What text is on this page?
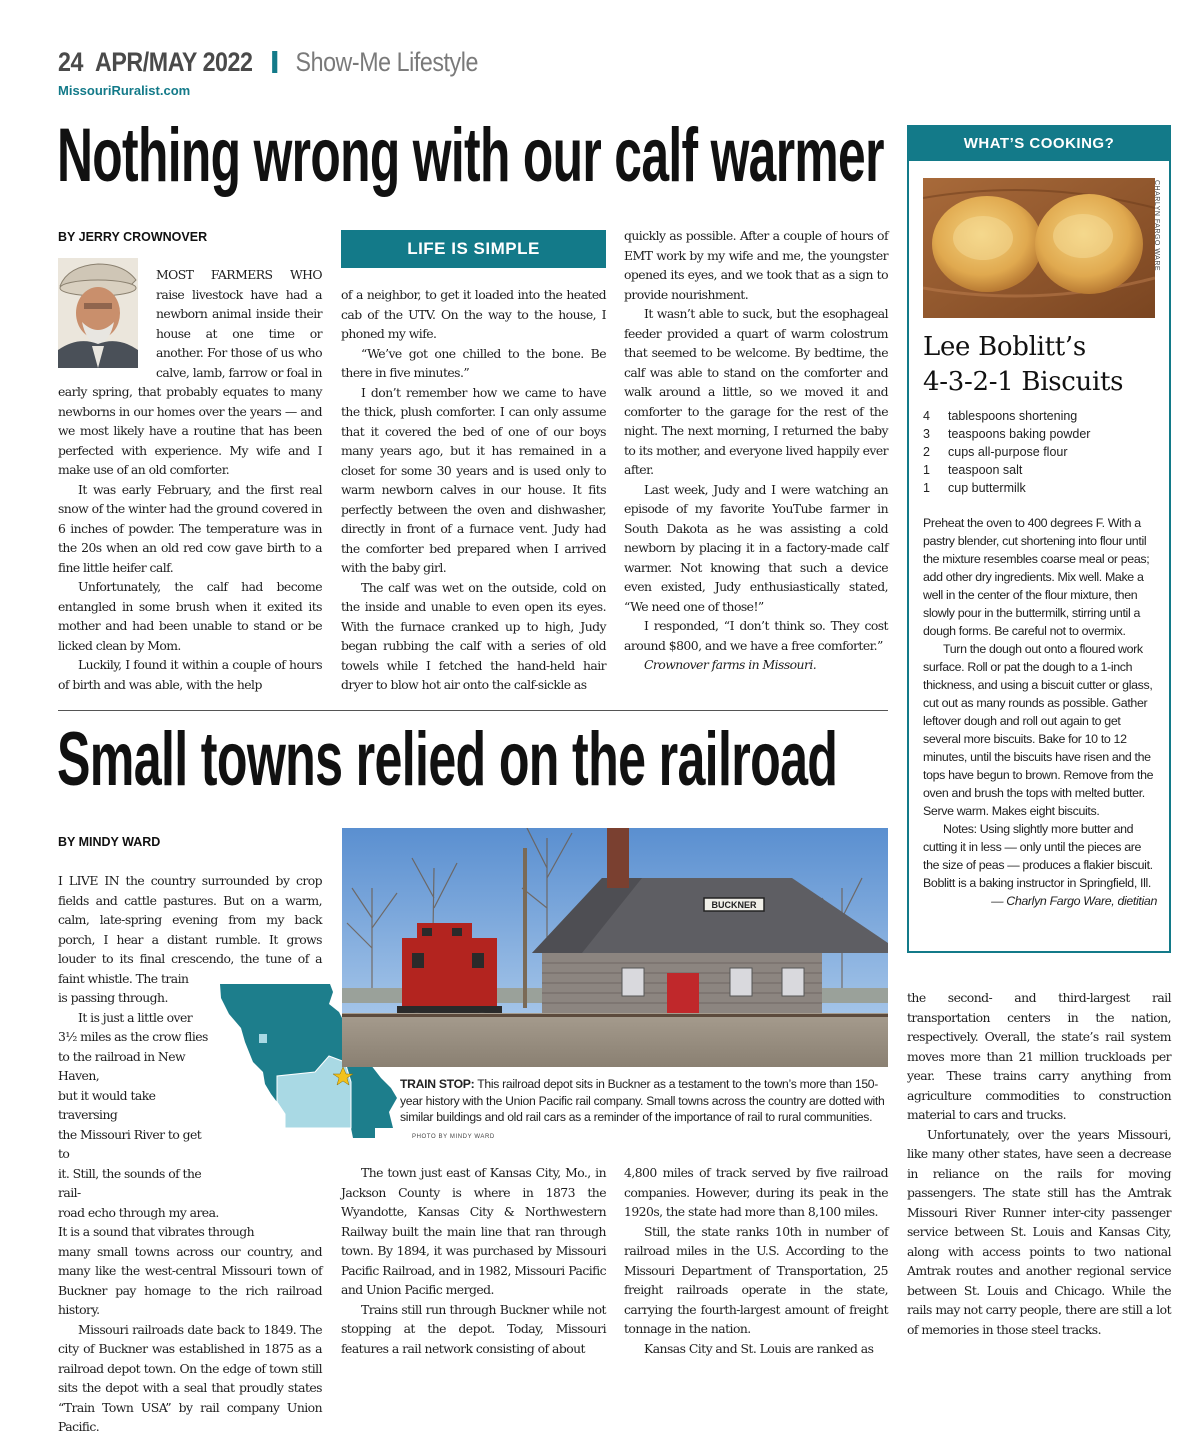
24 APR/MAY 2022 Show-Me Lifestyle
MissouriRuralist.com
Nothing wrong with our calf warmer
BY JERRY CROWNOVER

MOST FARMERS WHO raise livestock have had a newborn animal inside their house at one time or another. For those of us who calve, lamb, farrow or foal in early spring, that probably equates to many newborns in our homes over the years — and we most likely have a routine that has been perfected with experience. My wife and I make use of an old comforter.

It was early February, and the first real snow of the winter had the ground covered in 6 inches of powder. The temperature was in the 20s when an old red cow gave birth to a fine little heifer calf.

Unfortunately, the calf had become entangled in some brush when it exited its mother and had been unable to stand or be licked clean by Mom.

Luckily, I found it within a couple of hours of birth and was able, with the help

LIFE IS SIMPLE

of a neighbor, to get it loaded into the heated cab of the UTV. On the way to the house, I phoned my wife.

“We’ve got one chilled to the bone. Be there in five minutes.”

I don’t remember how we came to have the thick, plush comforter. I can only assume that it covered the bed of one of our boys many years ago, but it has remained in a closet for some 30 years and is used only to warm newborn calves in our house. It fits perfectly between the oven and dishwasher, directly in front of a furnace vent. Judy had the comforter bed prepared when I arrived with the baby girl.

The calf was wet on the outside, cold on the inside and unable to even open its eyes. With the furnace cranked up to high, Judy began rubbing the calf with a series of old towels while I fetched the hand-held hair dryer to blow hot air onto the calf-sickle as

quickly as possible. After a couple of hours of EMT work by my wife and me, the youngster opened its eyes, and we took that as a sign to provide nourishment.

It wasn’t able to suck, but the esophageal feeder provided a quart of warm colostrum that seemed to be welcome. By bedtime, the calf was able to stand on the comforter and walk around a little, so we moved it and comforter to the garage for the rest of the night. The next morning, I returned the baby to its mother, and everyone lived happily ever after.

Last week, Judy and I were watching an episode of my favorite YouTube farmer in South Dakota as he was assisting a cold newborn by placing it in a factory-made calf warmer. Not knowing that such a device even existed, Judy enthusiastically stated, “We need one of those!”

I responded, “I don’t think so. They cost around $800, and we have a free comforter.”

Crownover farms in Missouri.

WHAT’S COOKING?
CHARLYN FARGO WARE
Lee Boblitt’s
4-3-2-1 Biscuits
4	tablespoons shortening
3	teaspoons baking powder
2	cups all-purpose flour
1	teaspoon salt
1	cup buttermilk

Preheat the oven to 400 degrees F. With a pastry blender, cut shortening into flour until the mixture resembles coarse meal or peas; add other dry ingredients. Mix well. Make a well in the center of the flour mixture, then slowly pour in the buttermilk, stirring until a dough forms. Be careful not to overmix.

Turn the dough out onto a floured work surface. Roll or pat the dough to a 1-inch thickness, and using a biscuit cutter or glass, cut out as many rounds as possible. Gather leftover dough and roll out again to get several more biscuits. Bake for 10 to 12 minutes, until the biscuits have risen and the tops have begun to brown. Remove from the oven and brush the tops with melted butter. Serve warm. Makes eight biscuits.

Notes: Using slightly more butter and cutting it in less — only until the pieces are the size of peas — produces a flakier biscuit. Boblitt is a baking instructor in Springfield, Ill.

— Charlyn Fargo Ware, dietitian

Small towns relied on the railroad
BY MINDY WARD

I LIVE IN the country surrounded by crop fields and cattle pastures. But on a warm, calm, late-spring evening from my back porch, I hear a distant rumble. It grows louder to its final crescendo, the tune of a faint whistle. The train

is passing through.

It is just a little over

3½ miles as the crow flies

to the railroad in New Haven,

but it would take traversing

the Missouri River to get to

it. Still, the sounds of the rail-

road echo through my area.

It is a sound that vibrates through

many small towns across our country, and many like the west-central Missouri town of Buckner pay homage to the rich railroad history.

Missouri railroads date back to 1849. The city of Buckner was established in 1875 as a railroad depot town. On the edge of town still sits the depot with a seal that proudly states “Train Town USA” by rail company Union Pacific.

BUCKNER
TRAIN STOP: This railroad depot sits in Buckner as a testament to the town’s more than 150-year history with the Union Pacific rail company. Small towns across the country are dotted with similar buildings and old rail cars as a reminder of the importance of rail to rural communities. PHOTO BY MINDY WARD

The town just east of Kansas City, Mo., in Jackson County is where in 1873 the Wyandotte, Kansas City & Northwestern Railway built the main line that ran through town. By 1894, it was purchased by Missouri Pacific Railroad, and in 1982, Missouri Pacific and Union Pacific merged.

Trains still run through Buckner while not stopping at the depot. Today, Missouri features a rail network consisting of about

4,800 miles of track served by five railroad companies. However, during its peak in the 1920s, the state had more than 8,100 miles.

Still, the state ranks 10th in number of railroad miles in the U.S. According to the Missouri Department of Transportation, 25 freight railroads operate in the state, carrying the fourth-largest amount of freight tonnage in the nation.

Kansas City and St. Louis are ranked as

the second- and third-largest rail transportation centers in the nation, respectively. Overall, the state’s rail system moves more than 21 million truckloads per year. These trains carry anything from agriculture commodities to construction material to cars and trucks.

Unfortunately, over the years Missouri, like many other states, have seen a decrease in reliance on the rails for moving passengers. The state still has the Amtrak Missouri River Runner inter-city passenger service between St. Louis and Kansas City, along with access points to two national Amtrak routes and another regional service between St. Louis and Chicago. While the rails may not carry people, there are still a lot of memories in those steel tracks.
